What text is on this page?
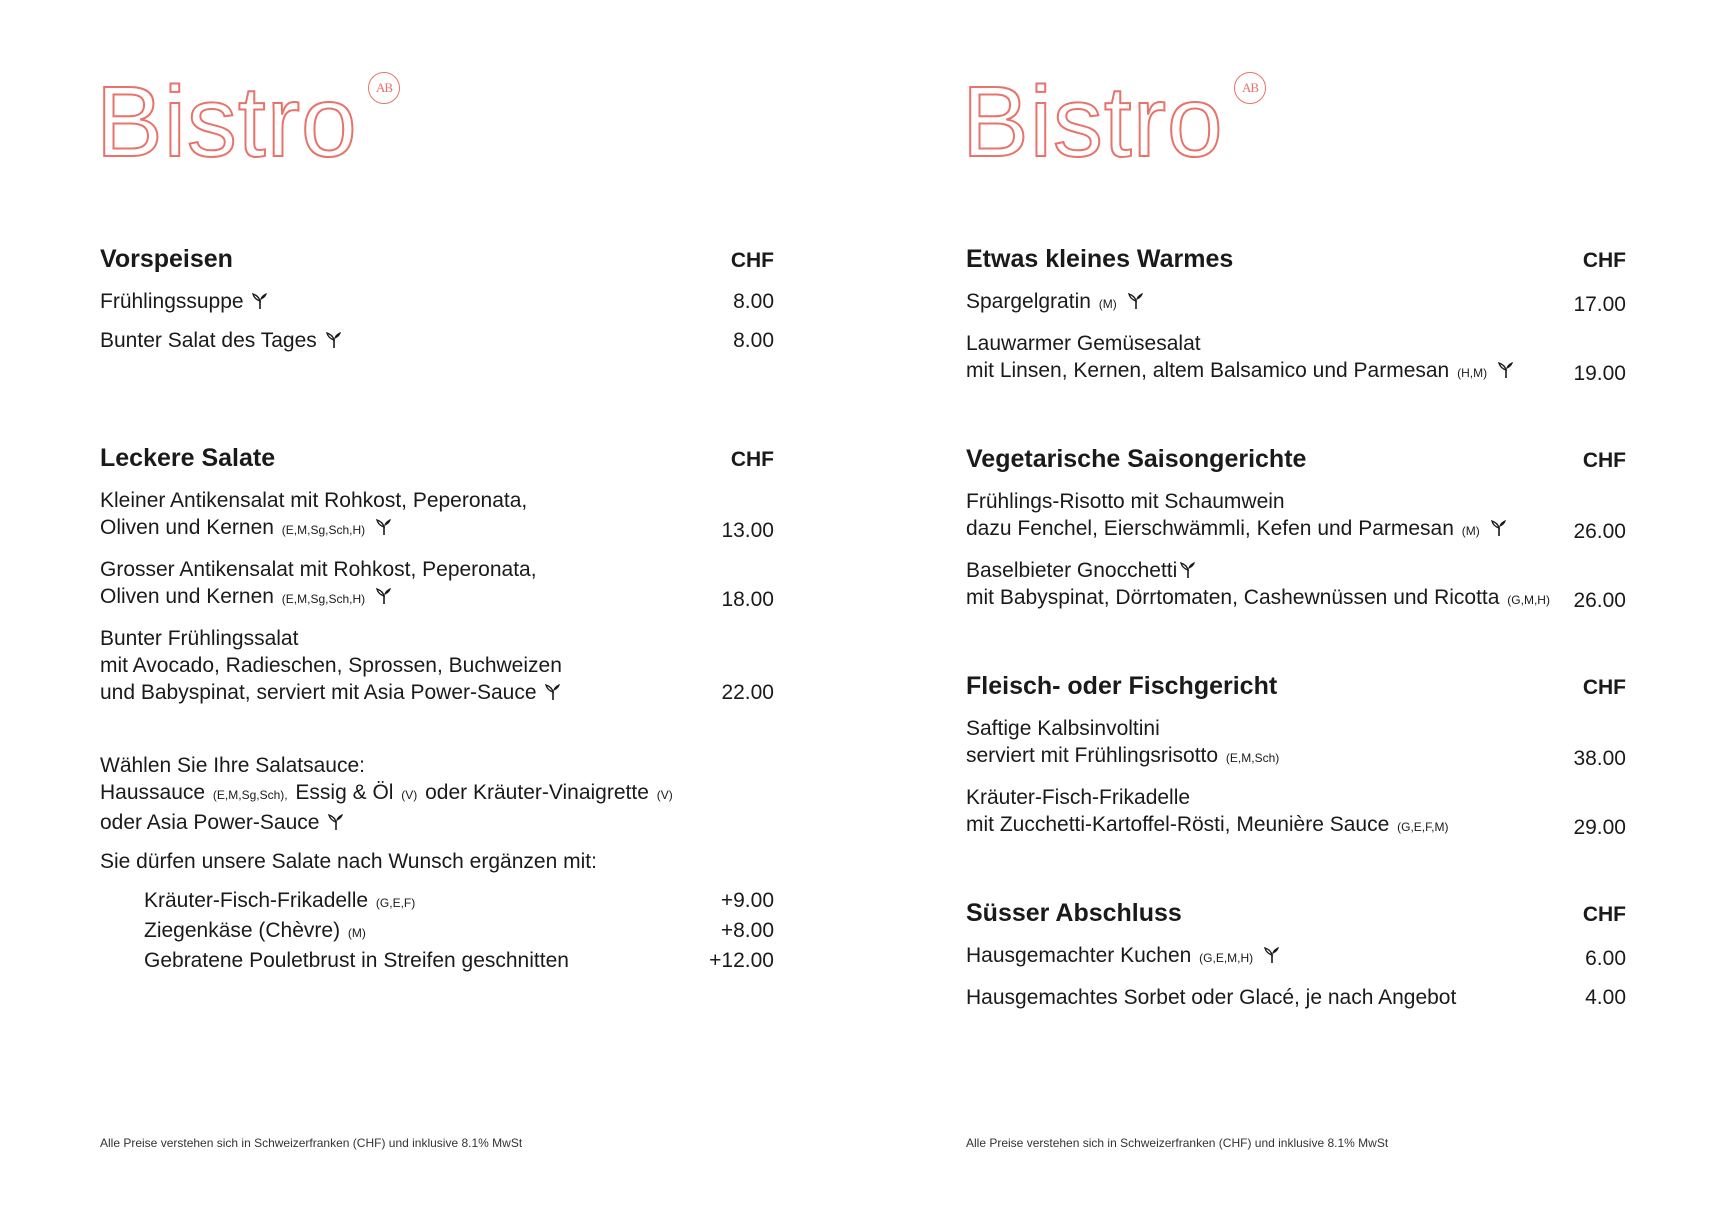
Bistro	AB
Vorspeisen	CHF
Frühlingssuppe	8.00
Bunter Salat des Tages	8.00
Leckere Salate	CHF
Kleiner Antikensalat mit Rohkost, Peperonata,
Oliven und Kernen (E,M,Sg,Sch,H)	13.00
Grosser Antikensalat mit Rohkost, Peperonata,
Oliven und Kernen (E,M,Sg,Sch,H)	18.00
Bunter Frühlingssalat
mit Avocado, Radieschen, Sprossen, Buchweizen
und Babyspinat, serviert mit Asia Power-Sauce	22.00
Wählen Sie Ihre Salatsauce:
Haussauce (E,M,Sg,Sch), Essig & Öl (V) oder Kräuter-Vinaigrette (V)
oder Asia Power-Sauce
Sie dürfen unsere Salate nach Wunsch ergänzen mit:
Kräuter-Fisch-Frikadelle (G,E,F)	+9.00
Ziegenkäse (Chèvre) (M)	+8.00
Gebratene Pouletbrust in Streifen geschnitten	+12.00
Alle Preise verstehen sich in Schweizerfranken (CHF) und inklusive 8.1% MwSt
Bistro	AB
Etwas kleines Warmes	CHF
Spargelgratin (M)	17.00
Lauwarmer Gemüsesalat
mit Linsen, Kernen, altem Balsamico und Parmesan (H,M)	19.00
Vegetarische Saisongerichte	CHF
Frühlings-Risotto mit Schaumwein
dazu Fenchel, Eierschwämmli, Kefen und Parmesan (M)	26.00
Baselbieter Gnocchetti
mit Babyspinat, Dörrtomaten, Cashewnüssen und Ricotta (G,M,H) 26.00
Fleisch- oder Fischgericht	CHF
Saftige Kalbsinvoltini
serviert mit Frühlingsrisotto (E,M,Sch)	38.00
Kräuter-Fisch-Frikadelle
mit Zucchetti-Kartoffel-Rösti, Meunière Sauce (G,E,F,M)	29.00
Süsser Abschluss	CHF
Hausgemachter Kuchen (G,E,M,H)	6.00
Hausgemachtes Sorbet oder Glacé, je nach Angebot	4.00
Alle Preise verstehen sich in Schweizerfranken (CHF) und inklusive 8.1% MwSt
